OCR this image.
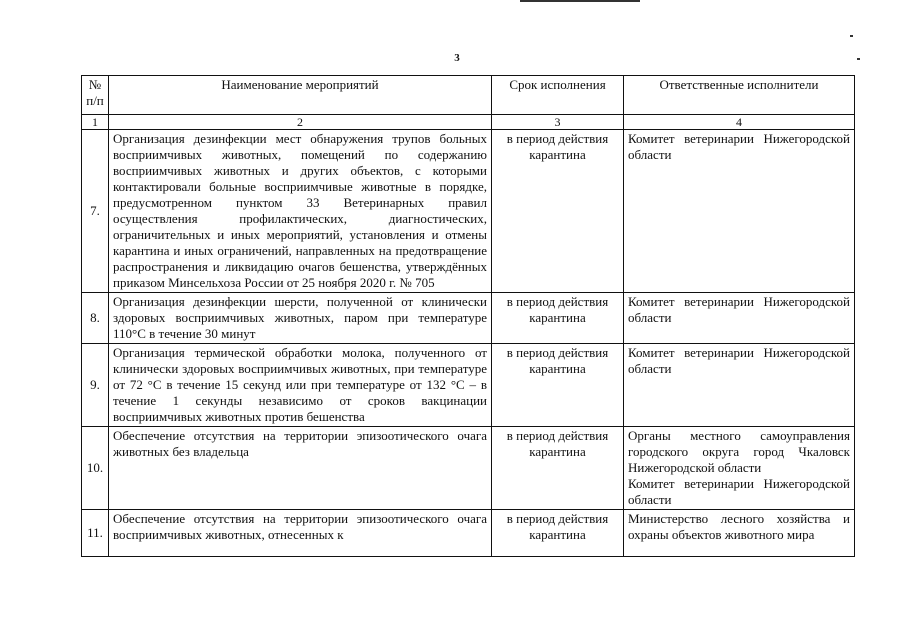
3
№ п/п	Наименование мероприятий	Срок исполнения	Ответственные исполнители
1	2	3	4
7.	Организация дезинфекции мест обнаружения трупов больных восприимчивых животных, помещений по содержанию восприимчивых животных и других объектов, с которыми контактировали больные восприимчивые животные в порядке, предусмотренном пунктом 33 Ветеринарных правил осуществления профилактических, диагностических, ограничительных и иных мероприятий, установления и отмены карантина и иных ограничений, направленных на предотвращение распространения и ликвидацию очагов бешенства, утверждённых приказом Минсельхоза России от 25 ноября 2020 г. № 705	в период действия карантина	Комитет ветеринарии Нижегородской области

8.	Организация дезинфекции шерсти, полученной от клинически здоровых восприимчивых животных, паром при температуре 110°С в течение 30 минут	в период действия карантина	Комитет ветеринарии Нижегородской области

9.	Организация термической обработки молока, полученного от клинически здоровых восприимчивых животных, при температуре от 72 °С в течение 15 секунд или при температуре от 132 °С – в течение 1 секунды независимо от сроков вакцинации восприимчивых животных против бешенства	в период действия карантина	Комитет ветеринарии Нижегородской области

10.	Обеспечение отсутствия на территории эпизоотического очага животных без владельца	в период действия карантина	Органы местного самоуправления городского округа город Чкаловск Нижегородской области
Комитет ветеринарии Нижегородской области

11.	Обеспечение отсутствия на территории эпизоотического очага восприимчивых животных, отнесенных к	в период действия карантина	Министерство лесного хозяйства и охраны объектов животного мира
